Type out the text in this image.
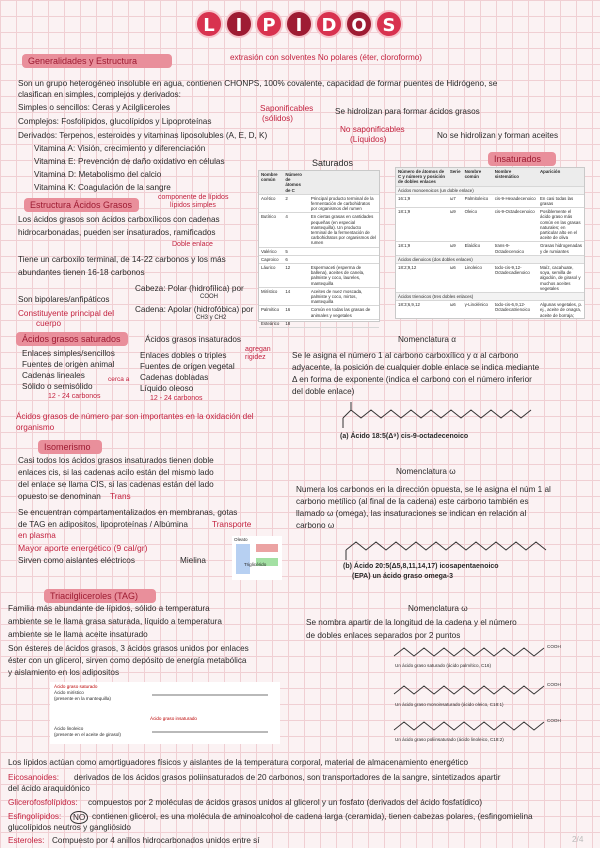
L	I	P	I	D O S
Generalidades y Estructura	extrasión con solventes No polares (éter, cloroformo)
Son un grupo heterogéneo insoluble en agua, contienen CHONPS, 100% covalente, capacidad de formar puentes de Hidrógeno, se
clasifican en simples, complejos y derivados:
Simples o sencillos: Ceras y Acilgliceroles
Complejos: Fosfolípidos, glucolípidos y Lipoproteínas
Saponificables
(sólidos)
Se hidrolizan para formar ácidos grasos
Derivados: Terpenos, esteroides y vitaminas liposolubles (A, E, D, K)
No saponificables
(Líquidos)	No se hidrolizan y forman aceites
Vitamina A: Visión, crecimiento y diferenciación
Vitamina E: Prevención de daño oxidativo en células
Vitamina D: Metabolismo del calcio
Vitamina K: Coagulación de la sangre
Saturados
Nombre común	Número de átomos de C	
Acético	2	Principal producto terminal de la fermentación de carbohidratos por organismos del rumen
Butírico	4	En ciertas grasas en cantidades pequeñas (en especial mantequilla). Un producto terminal de la fermentación de carbohidratos por organismos del rumen
Valérico	5	
Caproico	6	
Láurico	12	Espermaceti (esperma de ballena), aceites de canela, palmiste y coco, laureles, mantequilla
Mirístico	14	Aceites de nuez moscada, palmiste y coco, mirtos, mantequilla
Palmítico	16	Común en todas las grasas de animales y vegetales
Esteárico	18	
Insaturados
Número de átomos de C y número y posición de dobles enlaces	Serie	Nombre común	Nombre sistemático	Aparición
Ácidos monoenoicos (un doble enlace)				
16:1;9	ω7	Palmitoleico	cis-9-Hexadecenoico	En casi todas las grasas
18:1;9	ω9	Oleico	cis-9-Octadecenoico	Posiblemente el ácido graso más común en las grasas naturales; en particular alto en el aceite de oliva
18:1;9	ω9	Elaídico	trans-9-Octadecenoico	Grasas hidrogenadas y de rumiantes
Ácidos dienoicos (dos dobles enlaces)				
18:2;9,12	ω6	Linoleico	todo-cis-9,12-Octadecadienoico	Maíz, cacahuate, soya, semilla de algodón, de girasol y muchos aceites vegetales
Ácidos trienoicos (tres dobles enlaces)				
18:3;6,9,12	ω6	γ-Linolénico	todo-cis-6,9,12-Octadecatrienoico	Algunas vegetales, p. ej., aceite de onagra, aceite de borraja;

Estructura Ácidos Grasos
componente de lípidos
lípidos simples
Los ácidos grasos son ácidos carboxílicos con cadenas
hidrocarbonadas, pueden ser insaturados, ramificados
Doble enlace
Tiene un carboxilo terminal, de 14-22 carbonos y los más
abundantes tienen 16-18 carbonos
Cabeza: Polar (hidrofílica) por
COOH
Cadena: Apolar (hidrofóbica) por
CH3 y CH2
Son bipolares/anfipáticos
Constituyente principal del
cuerpo
Ácidos grasos saturados
Enlaces simples/sencillos
Fuentes de origen animal
Cadenas lineales
Sólido o semisólido
12 - 24 carbonos
cerca a
Ácidos grasos insaturados
Enlaces dobles o triples
Fuentes de origen vegetal
Cadenas dobladas
Líquido oleoso
12 - 24 carbonos
agregan rigidez
Ácidos grasos de número par son importantes en la oxidación del
organismo
Nomenclatura α
Se le asigna el número 1 al carbono carboxílico y α al carbono
adyacente, la posición de cualquier doble enlace se indica mediante
Δ en forma de exponente (indica el carbono con el número inferior
del doble enlace)
(a) Ácido 18:5(Δ⁹) cis-9-octadecenoico
Isomerismo
Casi todos los ácidos grasos insaturados tienen doble
enlaces cis, si las cadenas acilo están del mismo lado
del enlace se llama CIS, si las cadenas están del lado
opuesto se denominan Trans
Se encuentran compartamentalizados en membranas, gotas
de TAG en adipositos, lipoproteínas / Albúmina	Transporte
en plasma
Mayor aporte energético (9 cal/gr)
Sirven como aislantes eléctricos	Mielina
Oleato
Triglicérido
Nomenclatura ω
Numera los carbonos en la dirección opuesta, se le asigna el núm 1 al
carbono metílico (al final de la cadena) este carbono también es
llamado ω (omega), las insaturaciones se indican en relación al
carbono ω
(b) Ácido 20:5(Δ5,8,11,14,17) icosapentaenoico
(EPA) un ácido graso omega-3
Triacilgliceroles (TAG)
Familia más abundante de lípidos, sólido a temperatura
ambiente se le llama grasa saturada, líquido a temperatura
ambiente se le llama aceite insaturado
Son ésteres de ácidos grasos, 3 ácidos grasos unidos por enlaces
éster con un glicerol, sirven como depósito de energía metabólica
y aislamiento en los adipositos
Ácido graso saturado
Ácido mirístico
(presente en la mantequilla)
Ácido graso insaturado
Ácido linoleico
(presente en el aceite de girasol)
Nomenclatura ω
Se nombra apartir de la longitud de la cadena y el número
de dobles enlaces separados por 2 puntos
COOH
Un ácido graso saturado (ácido palmítico, C16)
COOH
Un ácido graso monoinsaturado (ácido oleico, C18:1)
COOH
Un ácido graso poliinsaturado (ácido linoleico, C18:2)
Los lípidos actúan como amortiguadores físicos y aislantes de la temperatura corporal, material de almacenamiento energético
Eicosanoides: derivados de los ácidos grasos poliinsaturados de 20 carbonos, son transportadores de la sangre, sintetizados apartir
del ácido araquidónico
Glicerofosfolípidos: compuestos por 2 moléculas de ácidos grasos unidos al glicerol y un fosfato (derivados del ácido fosfatídico)
Esfingolípidos:	NO contienen glicerol, es una molécula de aminoalcohol de cadena larga (ceramida), tienen cabezas polares, (esfingomielina
glucolípidos neutros y gangliósido
Esteroles: Compuesto por 4 anillos hidrocarbonados unidos entre sí	2/4
